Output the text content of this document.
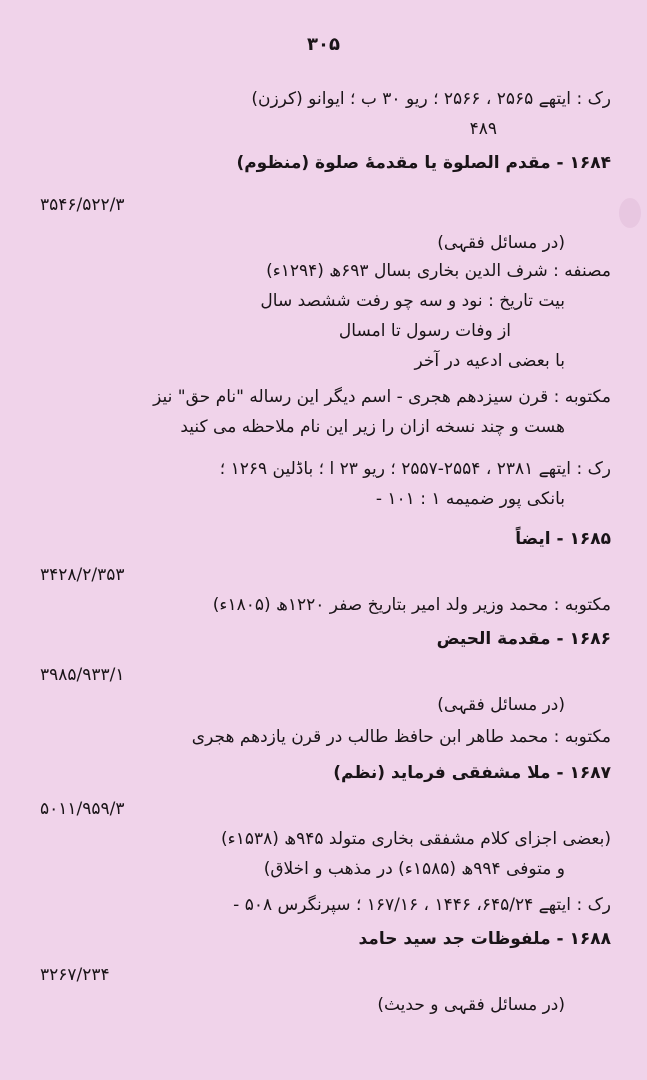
۳۰۵
رک : ایتھے ۲۵۶۵ ، ۲۵۶۶ ؛ ریو ۳۰ ب ؛ ایوانو (کرزن)
۴۸۹
۱۶۸۴ - مقدم الصلوة یا مقدمهٔ صلوة (منظوم)
۳۵۴۶/۵۲۲/۳
(در مسائل فقہی)
مصنفه : شرف الدین بخاری بسال ۶۹۳ھ (۱۲۹۴ء)
بیت تاریخ : نود و سه چو رفت ششصد سال
از وفات رسول تا امسال
با بعضی ادعیه در آخر
مکتوبه : قرن سیزدهم هجری - اسم دیگر این رساله "نام حق" نیز
هست و چند نسخه ازان را زیر این نام ملاحظه می کنید
رک : ایتھے ۲۳۸۱ ، ۲۵۵۴-۲۵۵۷ ؛ ریو ۲۳ ا ؛ باڈلین ۱۲۶۹ ؛
بانکی پور ضمیمه ۱ : ۱۰۱ -
۱۶۸۵ - ایضاً
۳۴۲۸/۲/۳۵۳
مکتوبه : محمد وزیر ولد امیر بتاریخ صفر ۱۲۲۰ھ (۱۸۰۵ء)
۱۶۸۶ - مقدمة الحیض
۳۹۸۵/۹۳۳/۱
(در مسائل فقہی)
مکتوبه : محمد طاهر ابن حافظ طالب در قرن یازدهم هجری
۱۶۸۷ - ملا مشفقی فرماید (نظم)
۵۰۱۱/۹۵۹/۳
(بعضی اجزای کلام مشفقی بخاری متولد ۹۴۵ھ (۱۵۳۸ء)
و متوفی ۹۹۴ھ (۱۵۸۵ء) در مذهب و اخلاق)
رک : ایتھے ۶۴۵/۲۴، ۱۴۴۶ ، ۱۶۷/۱۶ ؛ سپرنگرس ۵۰۸ -
۱۶۸۸ - ملفوظات جد سید حامد
۳۲۶۷/۲۳۴
(در مسائل فقہی و حدیث)
